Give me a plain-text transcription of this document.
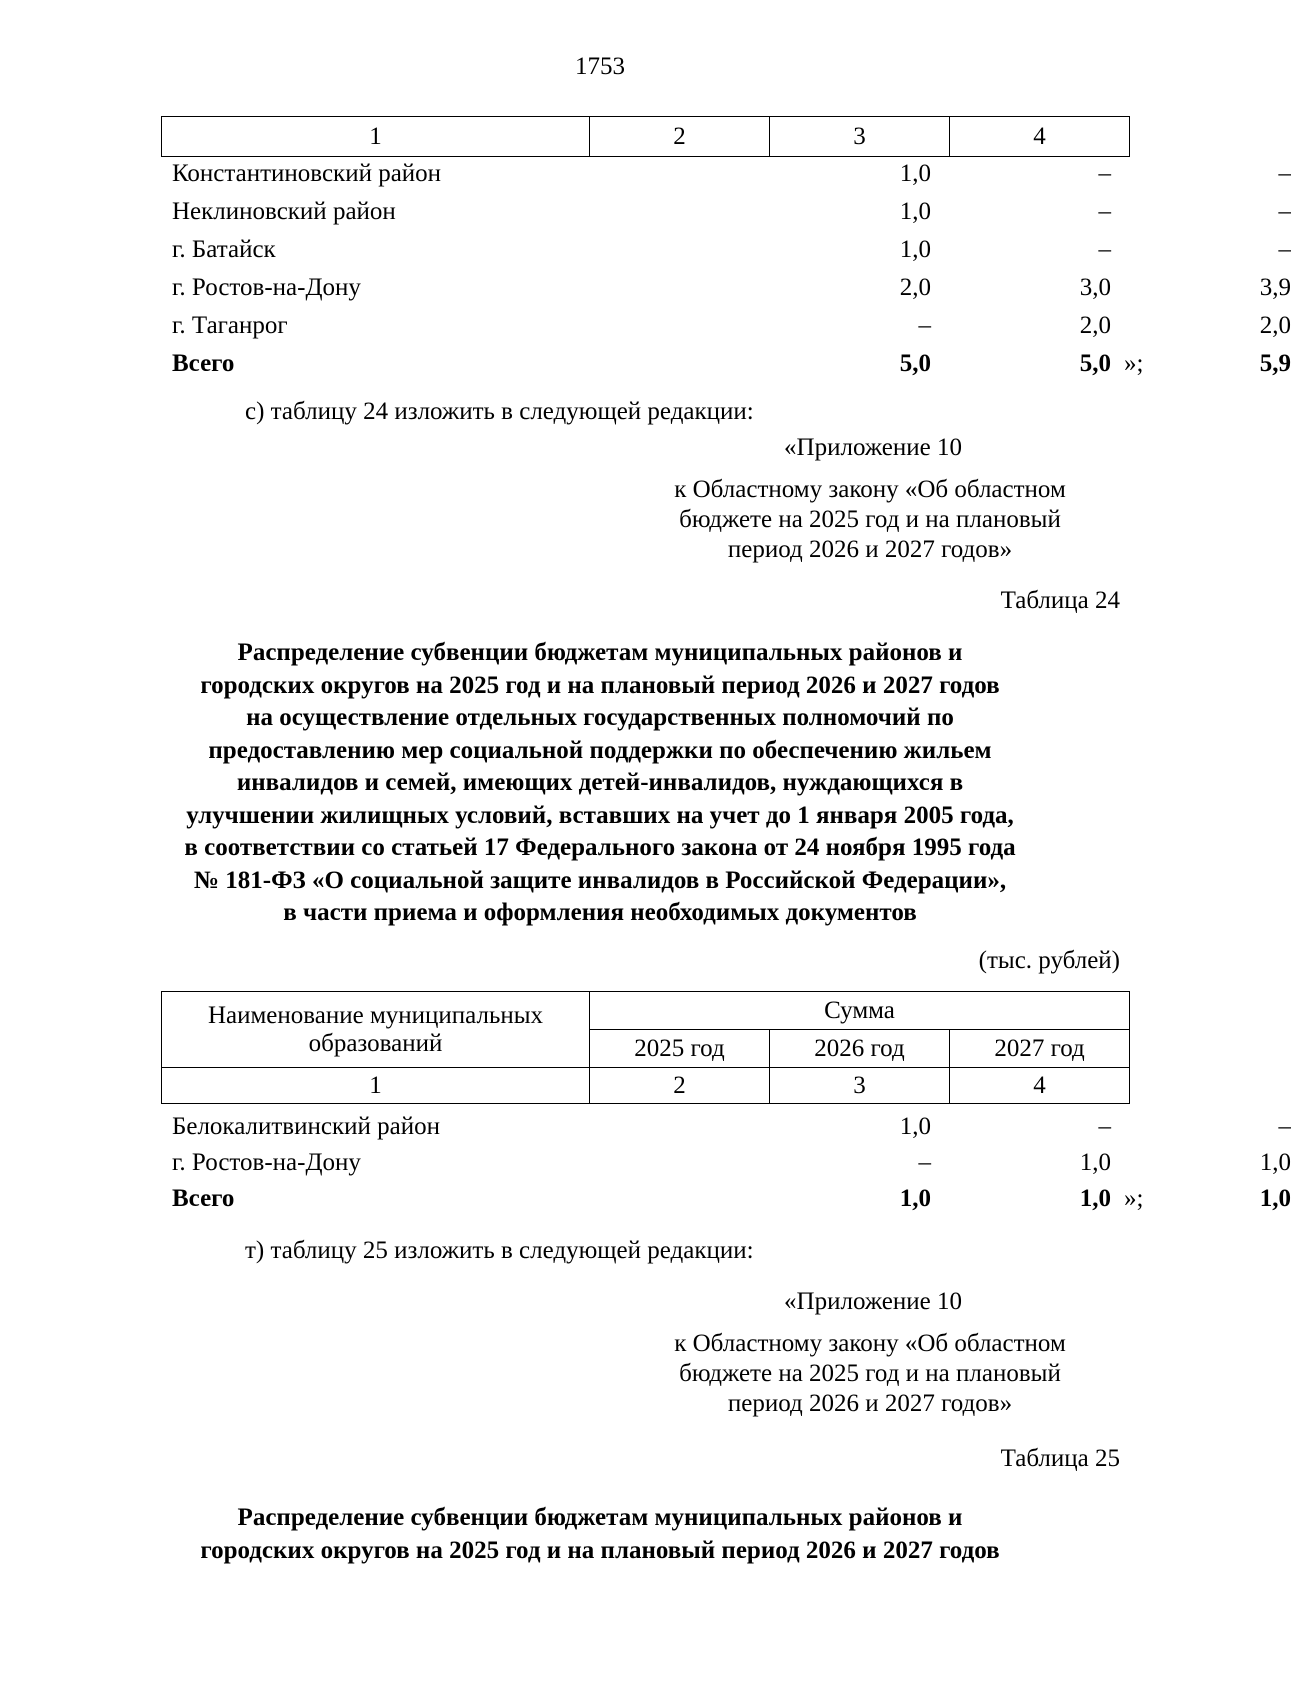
1753
1	2	3	4
Константиновский район	1,0	–	–
Неклиновский район	1,0	–	–
г. Батайск	1,0	–	–
г. Ростов-на-Дону	2,0	3,0	3,9
г. Таганрог	–	2,0	2,0
Всего	5,0	5,0	5,9
»;
с) таблицу 24 изложить в следующей редакции:
«Приложение 10
к Областному закону «Об областном
бюджете на 2025 год и на плановый
период 2026 и 2027 годов»
Таблица 24
Распределение субвенции бюджетам муниципальных районов и
городских округов на 2025 год и на плановый период 2026 и 2027 годов
на осуществление отдельных государственных полномочий по
предоставлению мер социальной поддержки по обеспечению жильем
инвалидов и семей, имеющих детей-инвалидов, нуждающихся в
улучшении жилищных условий, вставших на учет до 1 января 2005 года,
в соответствии со статьей 17 Федерального закона от 24 ноября 1995 года
№ 181-ФЗ «О социальной защите инвалидов в Российской Федерации»,
в части приема и оформления необходимых документов
(тыс. рублей)
Наименование муниципальных образований	Сумма		
	2025 год	2026 год	2027 год
1	2	3	4
Белокалитвинский район	1,0	–	–
г. Ростов-на-Дону	–	1,0	1,0
Всего	1,0	1,0	1,0
»;
т) таблицу 25 изложить в следующей редакции:
«Приложение 10
к Областному закону «Об областном
бюджете на 2025 год и на плановый
период 2026 и 2027 годов»
Таблица 25
Распределение субвенции бюджетам муниципальных районов и
городских округов на 2025 год и на плановый период 2026 и 2027 годов
